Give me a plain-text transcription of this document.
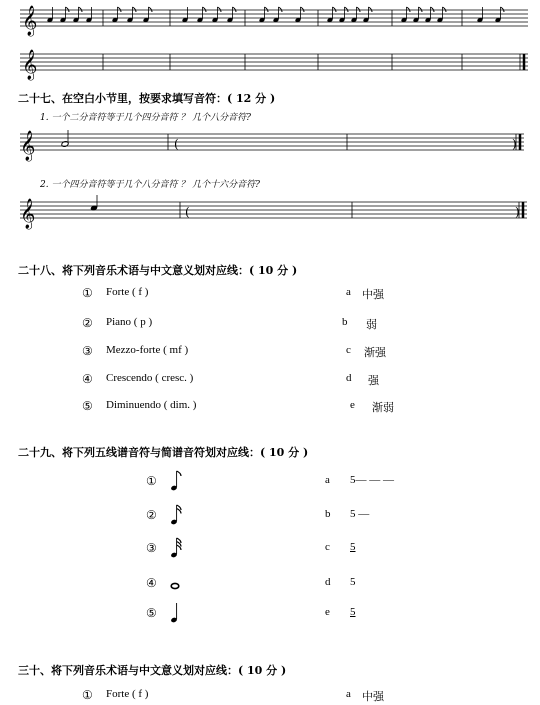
𝄞
𝄞
二十七、在空白小节里，按要求填写音符：( 12 分 )
1. 一个二分音符等于几个四分音符 ？ 几个八分音符?
𝄞	(	)
2. 一个四分音符等于几个八分音符 ？ 几个十六分音符?
𝄞	(	)
二十八、将下列音乐术语与中文意义划对应线：( 10 分 )
① Forte ( f )	a 中强
② Piano ( p )	b 弱
③ Mezzo-forte ( mf )	c 渐强
④ Crescendo ( cresc. )	d 强
⑤ Diminuendo ( dim. )	e 渐弱
二十九、将下列五线谱音符与简谱音符划对应线：( 10 分 )
①	a 5— — —
②	b 5 —
③	c 5
④	d 5
⑤	e 5
三十、将下列音乐术语与中文意义划对应线：( 10 分 )
① Forte ( f )	a 中强
